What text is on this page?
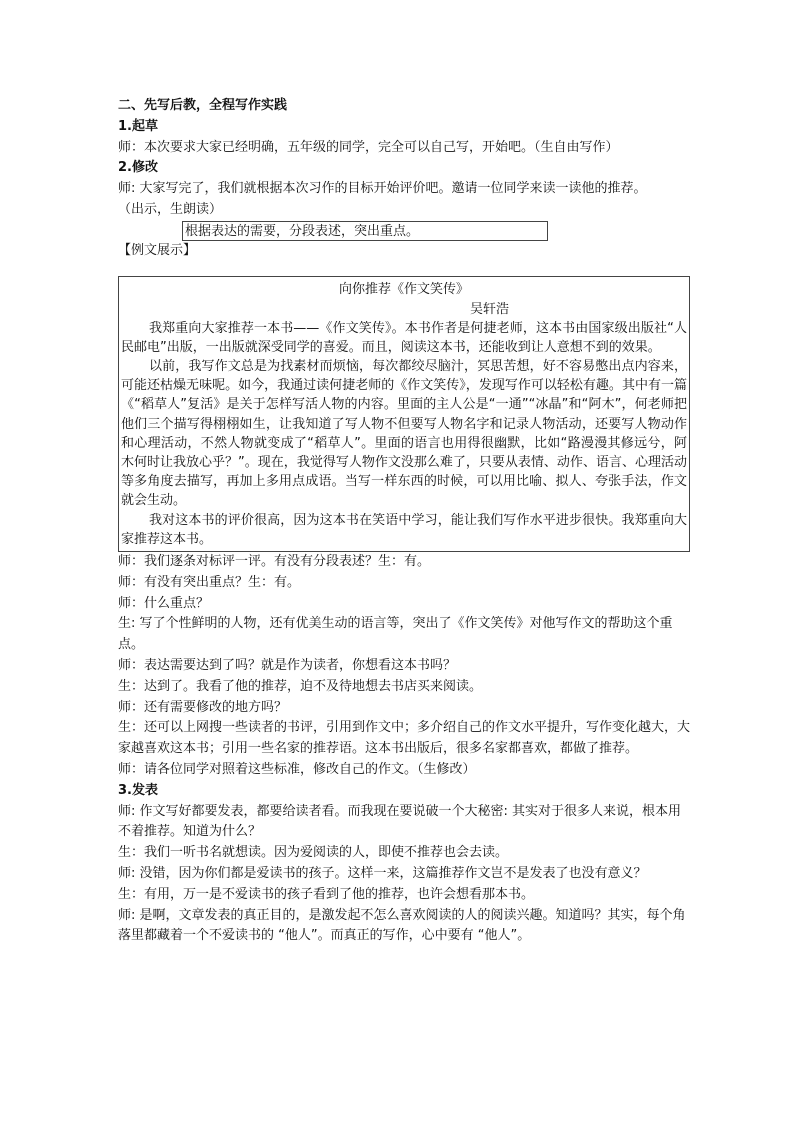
二、先写后教，全程写作实践
1.起草
师：本次要求大家已经明确，五年级的同学，完全可以自己写，开始吧。（生自由写作）
2.修改
师: 大家写完了，我们就根据本次习作的目标开始评价吧。邀请一位同学来读一读他的推荐。
（出示，生朗读）
根据表达的需要，分段表述，突出重点。
【例文展示】
向你推荐《作文笑传》
吴轩浩

我郑重向大家推荐一本书——《作文笑传》。本书作者是何捷老师，这本书由国家级出版社“人民邮电”出版，一出版就深受同学的喜爱。而且，阅读这本书，还能收到让人意想不到的效果。

以前，我写作文总是为找素材而烦恼，每次都绞尽脑汁，冥思苦想，好不容易憋出点内容来，可能还枯燥无味呢。如今，我通过读何捷老师的《作文笑传》，发现写作可以轻松有趣。其中有一篇《“稻草人”复活》是关于怎样写活人物的内容。里面的主人公是“一通”“冰晶”和“阿木”，何老师把他们三个描写得栩栩如生，让我知道了写人物不但要写人物名字和记录人物活动，还要写人物动作和心理活动，不然人物就变成了“稻草人”。里面的语言也用得很幽默，比如“路漫漫其修远兮，阿木何时让我放心乎？”。现在，我觉得写人物作文没那么难了，只要从表情、动作、语言、心理活动等多角度去描写，再加上多用点成语。当写一样东西的时候，可以用比喻、拟人、夸张手法，作文就会生动。

我对这本书的评价很高，因为这本书在笑语中学习，能让我们写作水平进步很快。我郑重向大家推荐这本书。

师：我们逐条对标评一评。有没有分段表述？生：有。
师：有没有突出重点？生：有。
师：什么重点？
生: 写了个性鲜明的人物，还有优美生动的语言等，突出了《作文笑传》对他写作文的帮助这个重点。
师：表达需要达到了吗？就是作为读者，你想看这本书吗？
生：达到了。我看了他的推荐，迫不及待地想去书店买来阅读。
师：还有需要修改的地方吗？
生：还可以上网搜一些读者的书评，引用到作文中；多介绍自己的作文水平提升，写作变化越大，大家越喜欢这本书；引用一些名家的推荐语。这本书出版后，很多名家都喜欢，都做了推荐。
师：请各位同学对照着这些标准，修改自己的作文。（生修改）
3.发表
师: 作文写好都要发表，都要给读者看。而我现在要说破一个大秘密: 其实对于很多人来说，根本用不着推荐。知道为什么？
生：我们一听书名就想读。因为爱阅读的人，即使不推荐也会去读。
师: 没错，因为你们都是爱读书的孩子。这样一来，这篇推荐作文岂不是发表了也没有意义？
生：有用，万一是不爱读书的孩子看到了他的推荐，也许会想看那本书。
师: 是啊，文章发表的真正目的，是激发起不怎么喜欢阅读的人的阅读兴趣。知道吗？其实，每个角落里都藏着一个不爱读书的 “他人”。而真正的写作，心中要有 “他人”。
